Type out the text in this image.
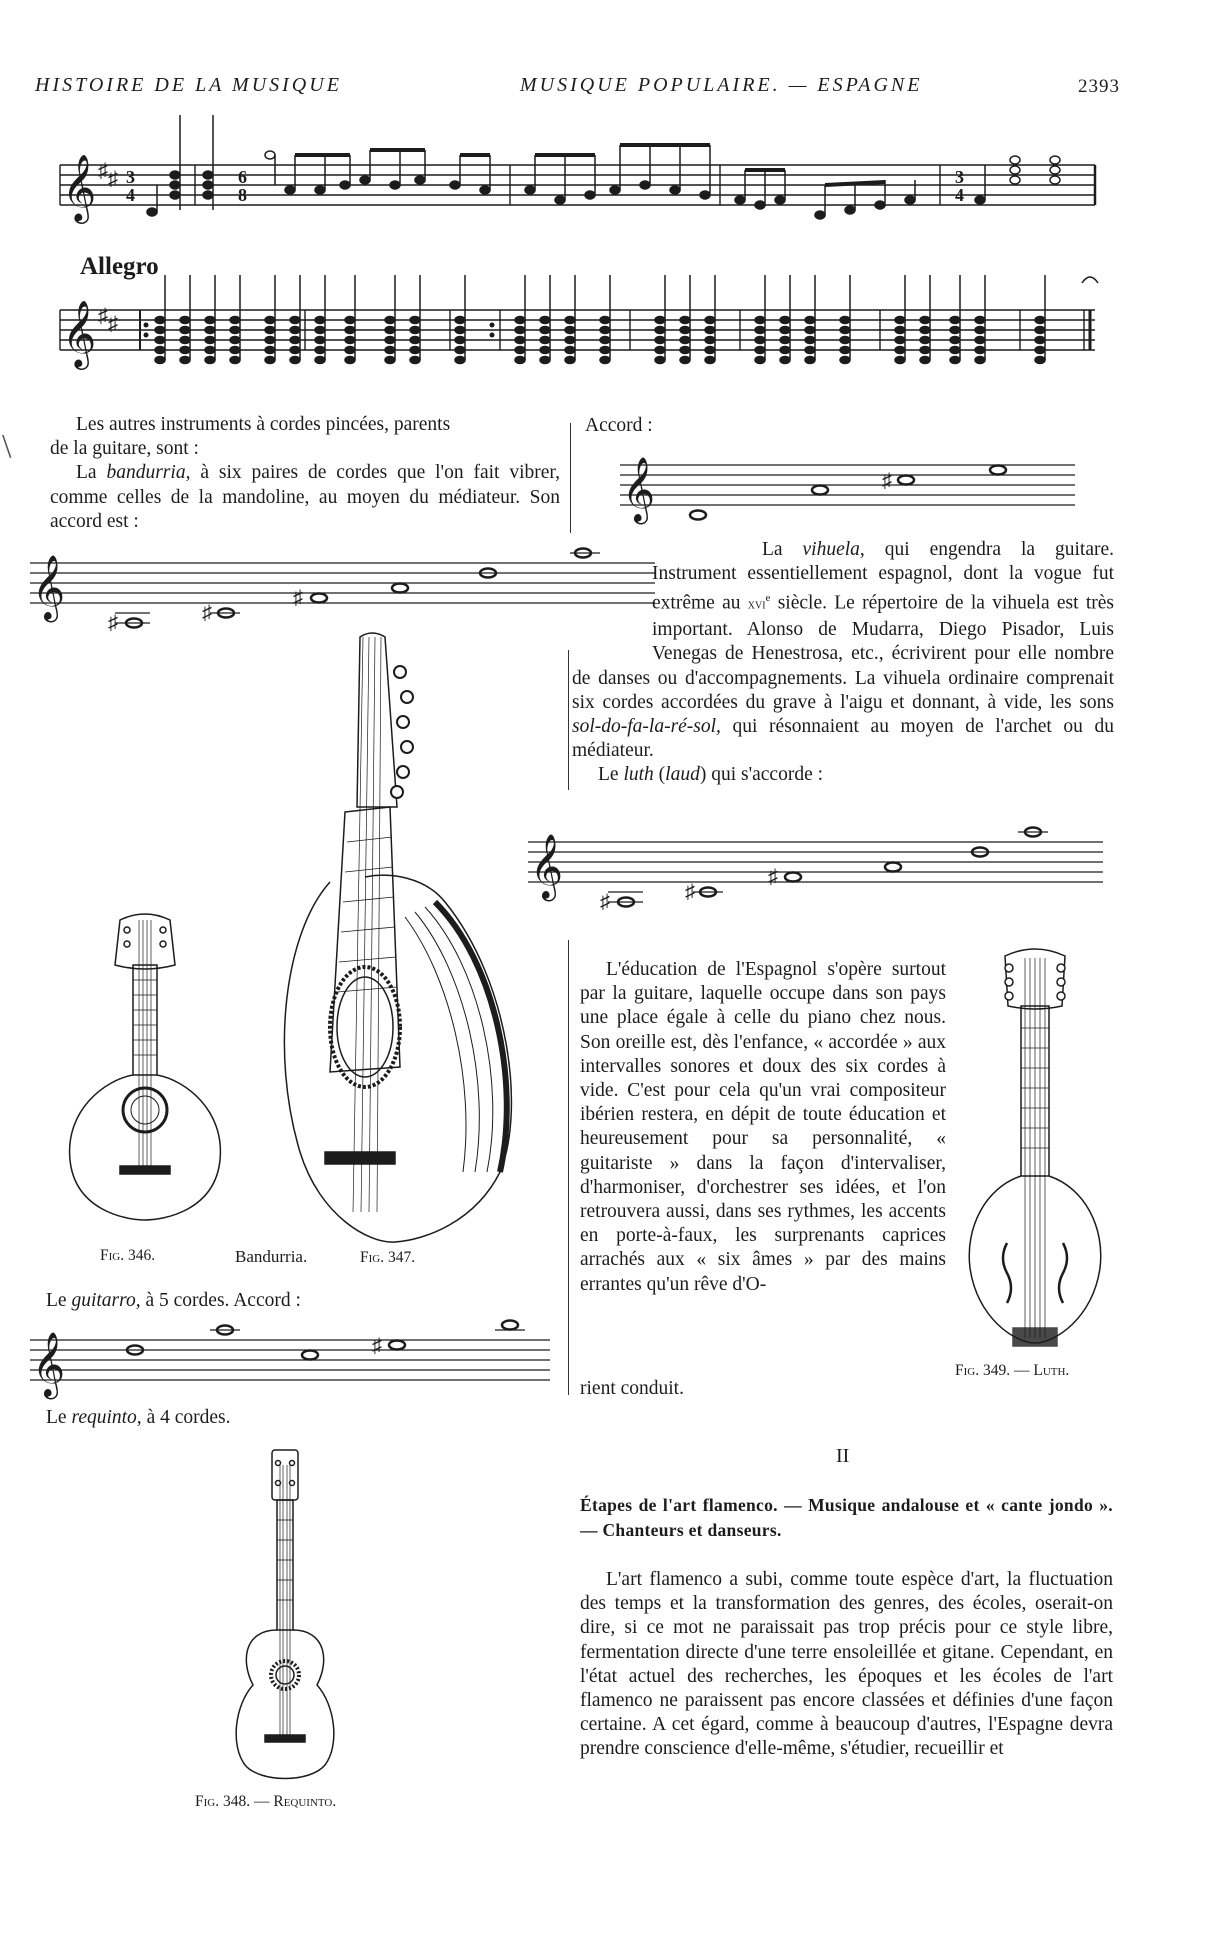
HISTOIRE DE LA MUSIQUE	MUSIQUE POPULAIRE. — ESPAGNE	2393
𝄞 ♯ ♯ 3
4
6
8
3
4
Allegro
𝄞 ♯ ♯
\

Les autres instruments à cordes pincées, parents

de la guitare, sont :

La bandurria, à six paires de cordes que l'on fait vibrer, comme celles de la mandoline, au moyen du médiateur. Son accord est :	𝄞	♯
𝄞
♯	♯
♯
Accord :

La vihuela, qui engendra la guitare. Instrument essentiellement espagnol, dont la vogue fut extrême au xvi$^e$ siècle. Le répertoire de la vihuela est très important. Alonso de Mudarra, Diego Pisador, Luis Venegas de Henestrosa, etc., écrivirent pour elle nombre de danses ou d'accompagnements. La vihuela ordinaire comprenait six cordes accordées du grave à l'aigu et donnant, à vide, les sons sol-do-fa-la-ré-sol, qui résonnaient au moyen de l'archet ou du médiateur.

Le luth (laud) qui s'accorde :

𝄞
♯	♯
♯

L'éducation de l'Espagnol s'opère surtout par la guitare, laquelle occupe dans son pays une place égale à celle du piano chez nous. Son oreille est, dès l'enfance, « accordée » aux intervalles sonores et doux des six cordes à vide. C'est pour cela qu'un vrai compositeur ibérien restera, en dépit de toute éducation et heureusement pour sa personnalité, « guitariste » dans la façon d'intervaliser, d'harmoniser, d'orchestrer ses idées, et l'on retrouvera aussi, dans ses rythmes, les accents en porte-à-faux, les surprenants caprices arrachés aux « six âmes » par des mains errantes qu'un rêve d'O-

rient conduit.
II
Étapes de l'art flamenco. — Musique andalouse et « cante jondo ». — Chanteurs et danseurs.

L'art flamenco a subi, comme toute espèce d'art, la fluctuation des temps et la transformation des genres, des écoles, oserait-on dire, si ce mot ne paraissait pas trop précis pour ce style libre, fermentation directe d'une terre ensoleillée et gitane. Cependant, en l'état actuel des recherches, les époques et les écoles de l'art flamenco ne paraissent pas encore classées et définies d'une façon certaine. A cet égard, comme à beaucoup d'autres, l'Espagne devra prendre conscience d'elle-même, s'étudier, recueillir et

Fig. 346.	Bandurria.	Fig. 347.
Fig. 348. — Requinto.
Fig. 349. — Luth.
Le guitarro, à 5 cordes. Accord :
𝄞	♯
Le requinto, à 4 cordes.
